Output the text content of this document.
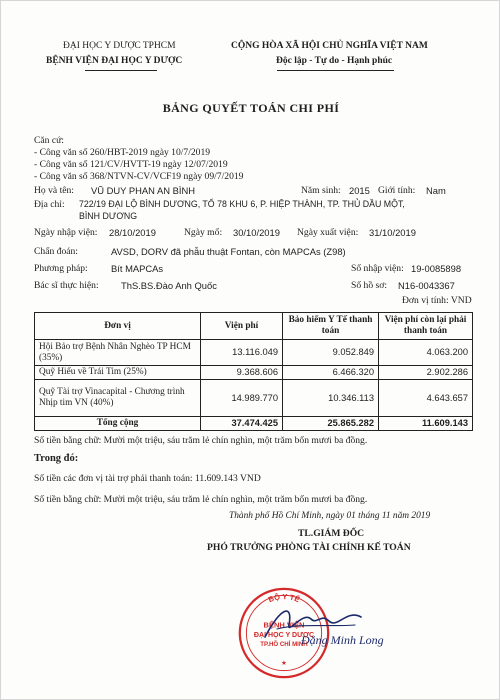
ĐẠI HỌC Y DƯỢC TPHCM
BỆNH VIỆN ĐẠI HỌC Y DƯỢC
CỘNG HÒA XÃ HỘI CHỦ NGHĨA VIỆT NAM
Độc lập - Tự do - Hạnh phúc
BẢNG QUYẾT TOÁN CHI PHÍ
Căn cứ:
- Công văn số 260/HBT-2019 ngày 10/7/2019
- Công văn số 121/CV/HVTT-19 ngày 12/07/2019
- Công văn số 368/NTVN-CV/VCF19 ngày 09/7/2019
Họ và tên: VŨ DUY PHAN AN BÌNH	Năm sinh: 2015 Giới tính: Nam
Địa chỉ: 722/19 ĐẠI LỘ BÌNH DƯƠNG, TỔ 78 KHU 6, P. HIỆP THÀNH, TP. THỦ DẦU MỘT,
BÌNH DƯƠNG
Ngày nhập viện: 28/10/2019	Ngày mổ: 30/10/2019 Ngày xuất viện: 31/10/2019
Chẩn đoán:	AVSD, DORV đã phẫu thuật Fontan, còn MAPCAs (Z98)
Phương pháp: Bít MAPCAs	Số nhập viện: 19-0085898
Bác sĩ thực hiện: ThS.BS.Đào Anh Quốc	Số hồ sơ: N16-0043367
Đơn vị tính: VND
Đơn vị	Viện phí	Bảo hiểm Y Tế thanh toán	Viện phí còn lại phải thanh toán
Hội Bảo trợ Bệnh Nhân Nghèo TP HCM (35%)	13.116.049	9.052.849	4.063.200
Quỹ Hiểu về Trái Tim (25%)	9.368.606	6.466.320	2.902.286
Quỹ Tài trợ Vinacapital - Chương trình Nhịp tim VN (40%)	14.989.770	10.346.113	4.643.657
Tổng cộng	37.474.425	25.865.282	11.609.143
Số tiền bằng chữ: Mười một triệu, sáu trăm lẻ chín nghìn, một trăm bốn mươi ba đồng.
Trong đó:
Số tiền các đơn vị tài trợ phải thanh toán: 11.609.143 VND
Số tiền bằng chữ: Mười một triệu, sáu trăm lẻ chín nghìn, một trăm bốn mươi ba đồng.
Thành phố Hồ Chí Minh, ngày 01 tháng 11 năm 2019
TL.GIÁM ĐỐC
PHÓ TRƯỞNG PHÒNG TÀI CHÍNH KẾ TOÁN
BỘ Y TẾ
BỆNH VIỆN
ĐẠI HỌC Y DƯỢC
TP.HỒ CHÍ MINH
★
Đặng Minh Long
